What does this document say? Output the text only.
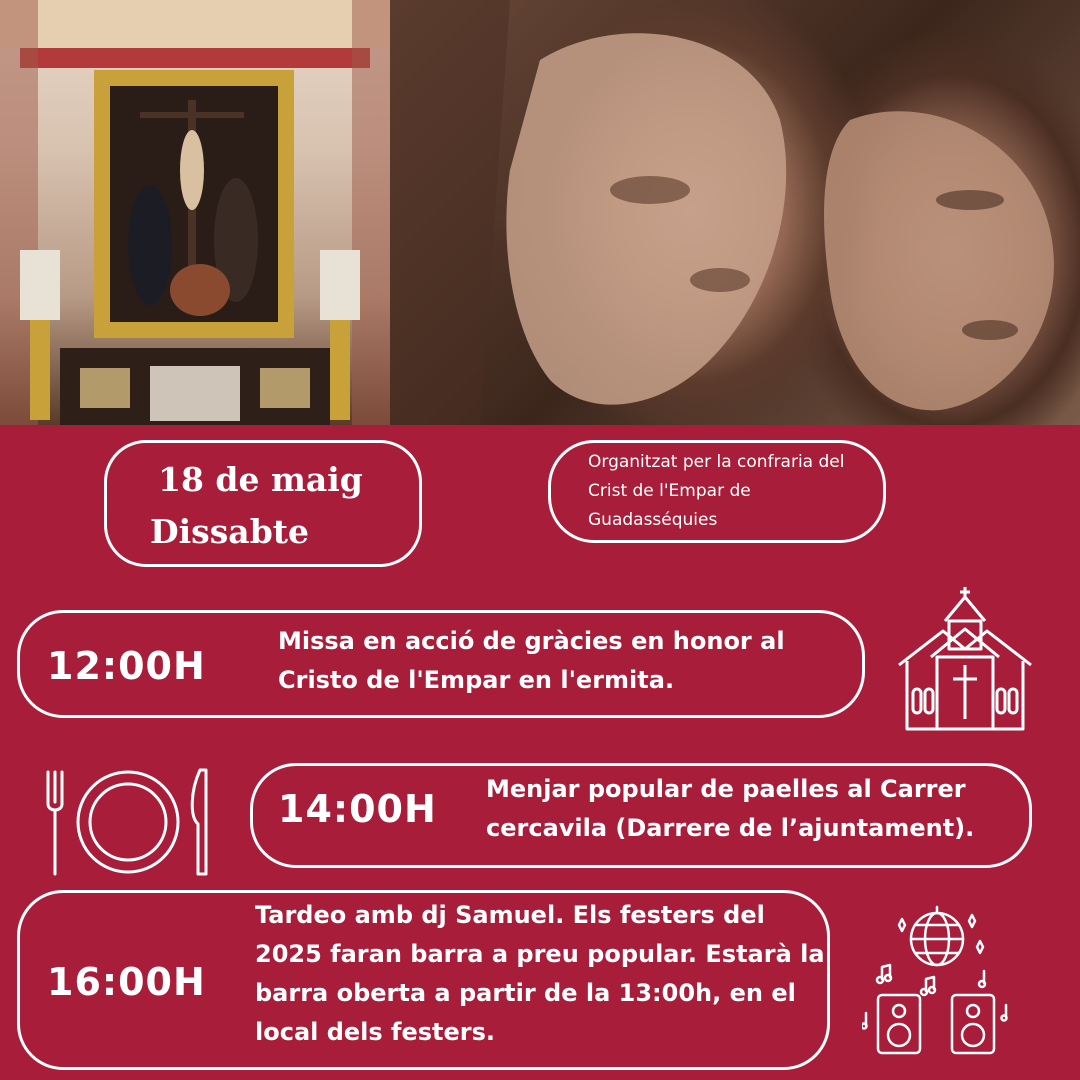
18 de maig
Dissabte
Organitzat per la confraria del Crist de l'Empar de Guadasséquies
12:00H
Missa en acció de gràcies en honor al Cristo de l'Empar en l'ermita.
14:00H Menjar popular de paelles al Carrer cercavila (Darrere de l’ajuntament).
16:00H
Tardeo amb dj Samuel. Els festers del 2025 faran barra a preu popular. Estarà la barra oberta a partir de la 13:00h, en el local dels festers.
